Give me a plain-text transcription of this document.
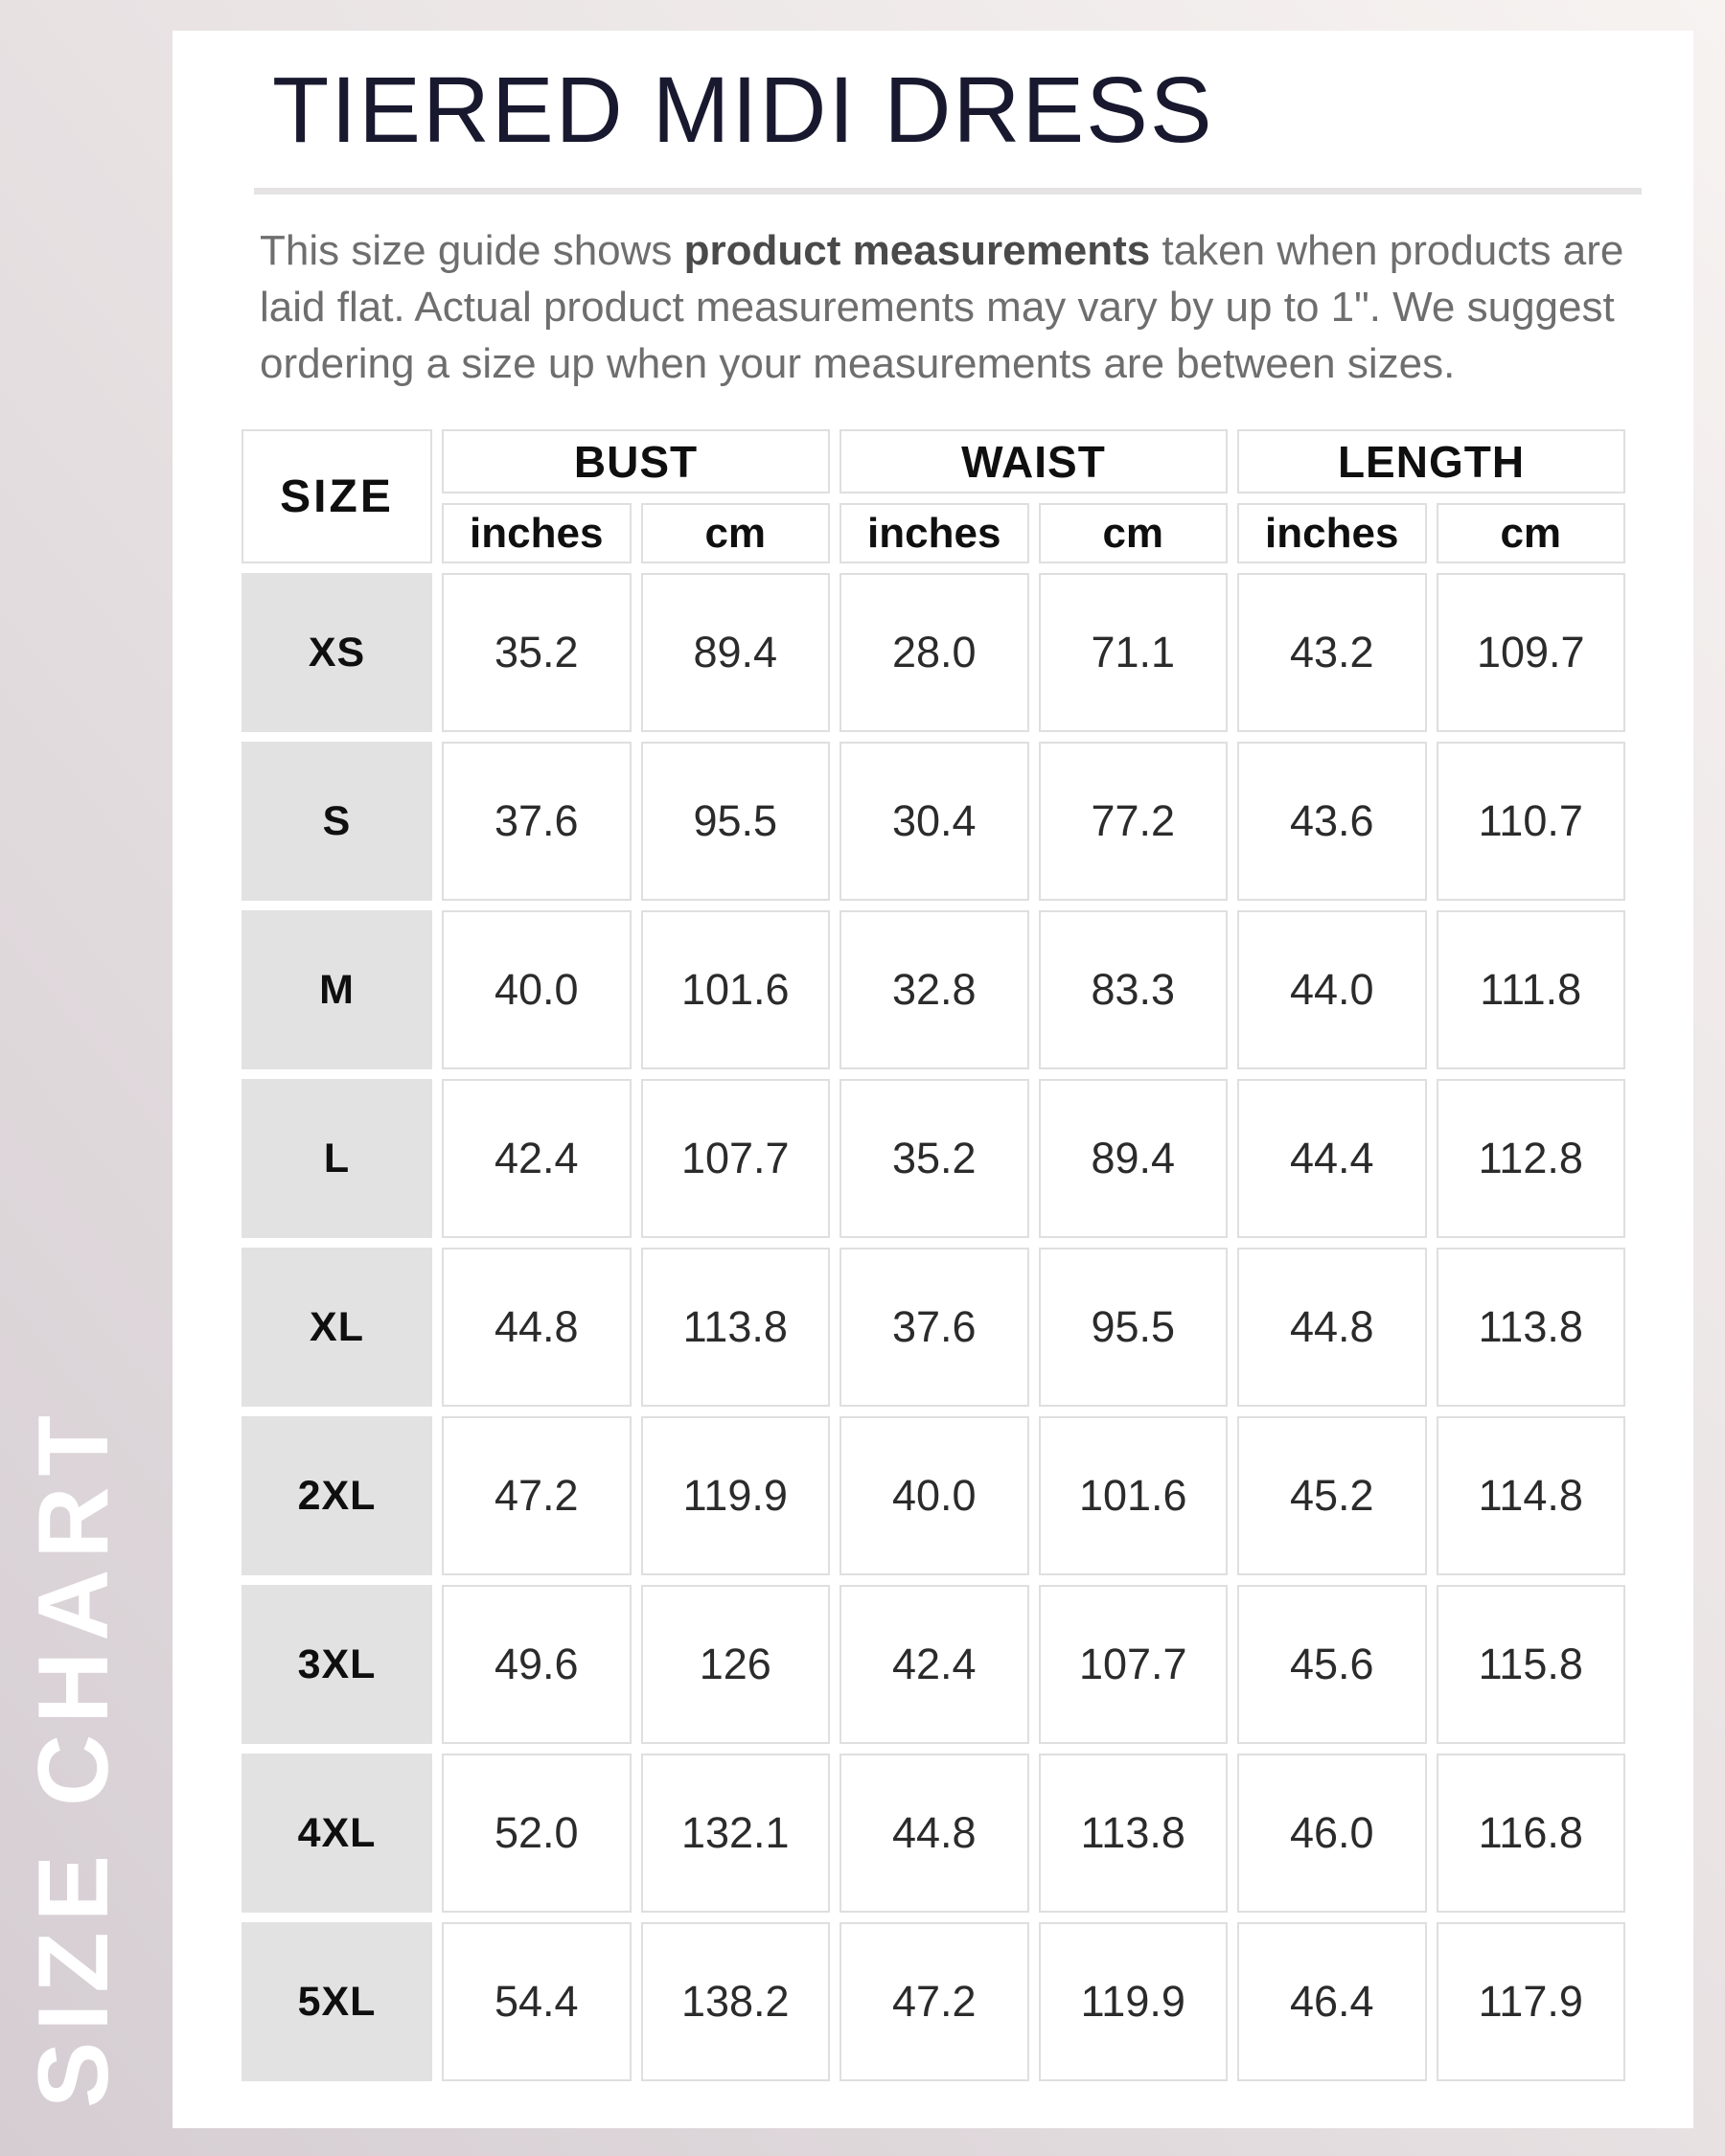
SIZE CHART
TIERED MIDI DRESS

This size guide shows product measurements taken when products are laid flat. Actual product measurements may vary by up to 1". We suggest ordering a size up when your measurements are between sizes.

SIZE
BUST	WAIST	LENGTH
inches	cm	inches	cm	inches	cm
XS	35.2	89.4	28.0	71.1	43.2	109.7
S	37.6	95.5	30.4	77.2	43.6	110.7
M	40.0	101.6	32.8	83.3	44.0	111.8
L	42.4	107.7	35.2	89.4	44.4	112.8
XL	44.8	113.8	37.6	95.5	44.8	113.8
2XL	47.2	119.9	40.0	101.6	45.2	114.8
3XL	49.6	126	42.4	107.7	45.6	115.8
4XL	52.0	132.1	44.8	113.8	46.0	116.8
5XL	54.4	138.2	47.2	119.9	46.4	117.9
